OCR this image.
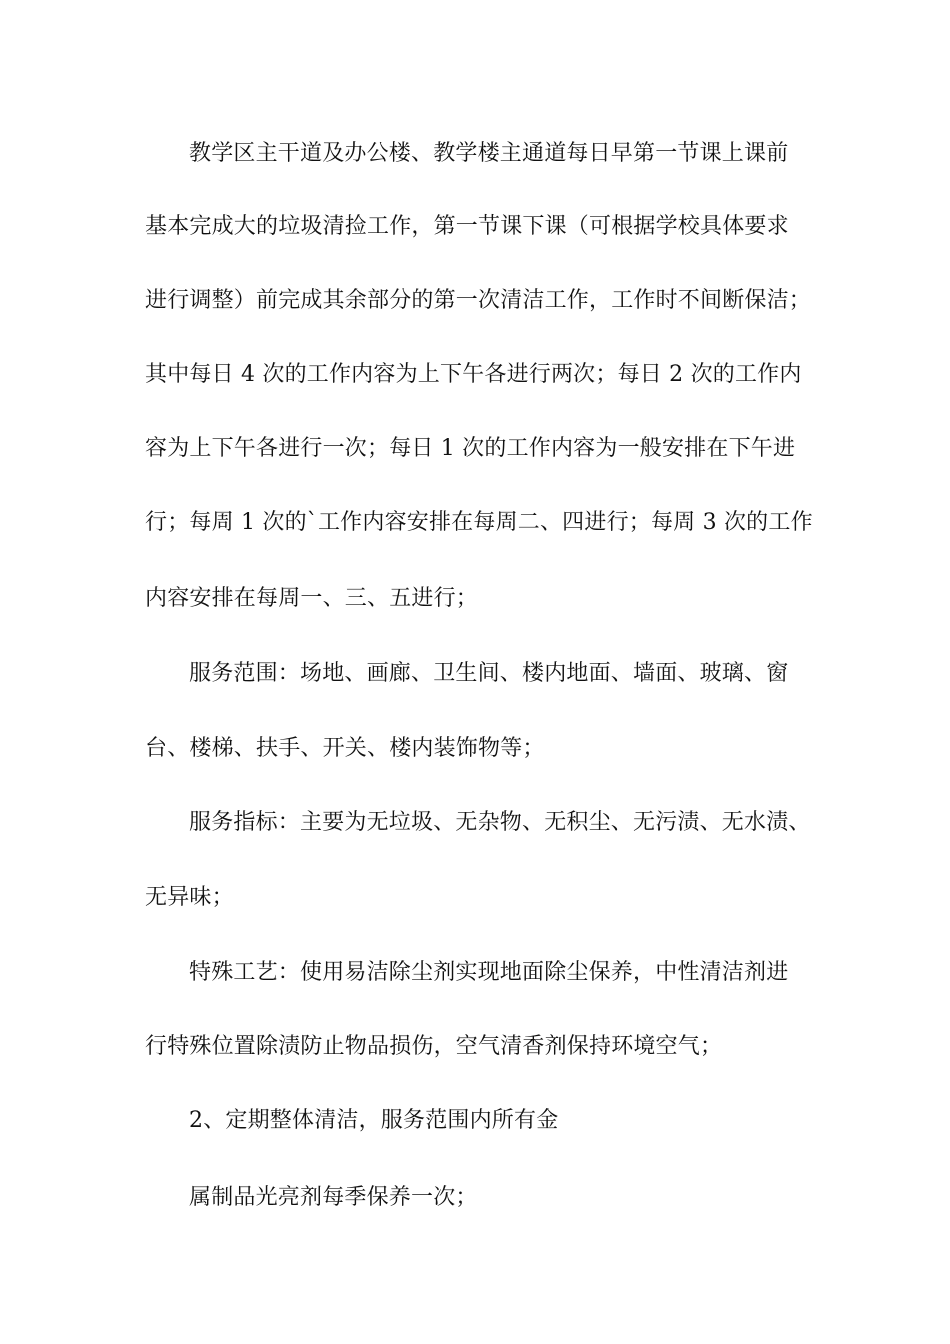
教学区主干道及办公楼、教学楼主通道每日早第一节课上课前
基本完成大的垃圾清捡工作，第一节课下课（可根据学校具体要求
进行调整）前完成其余部分的第一次清洁工作，工作时不间断保洁；
其中每日 4 次的工作内容为上下午各进行两次；每日 2 次的工作内
容为上下午各进行一次；每日 1 次的工作内容为一般安排在下午进
行；每周 1 次的`工作内容安排在每周二、四进行；每周 3 次的工作
内容安排在每周一、三、五进行；
服务范围：场地、画廊、卫生间、楼内地面、墙面、玻璃、窗
台、楼梯、扶手、开关、楼内装饰物等；
服务指标：主要为无垃圾、无杂物、无积尘、无污渍、无水渍、
无异味；
特殊工艺：使用易洁除尘剂实现地面除尘保养，中性清洁剂进
行特殊位置除渍防止物品损伤，空气清香剂保持环境空气；
2、定期整体清洁，服务范围内所有金
属制品光亮剂每季保养一次；
